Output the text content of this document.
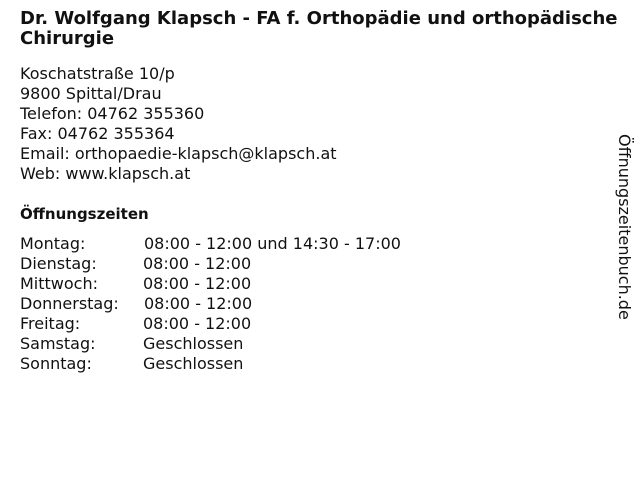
Dr. Wolfgang Klapsch - FA f. Orthopädie und orthopädische Chirurgie
Koschatstraße 10/p
9800 Spittal/Drau
Telefon: 04762 355360
Fax: 04762 355364
Email: orthopaedie-klapsch@klapsch.at
Web: www.klapsch.at
Öffnungszeiten
Montag:	08:00 - 12:00 und 14:30 - 17:00
Dienstag:	08:00 - 12:00
Mittwoch:	08:00 - 12:00
Donnerstag: 08:00 - 12:00
Freitag:	08:00 - 12:00
Samstag:	Geschlossen
Sonntag:	Geschlossen
Öffnungszeitenbuch.de
